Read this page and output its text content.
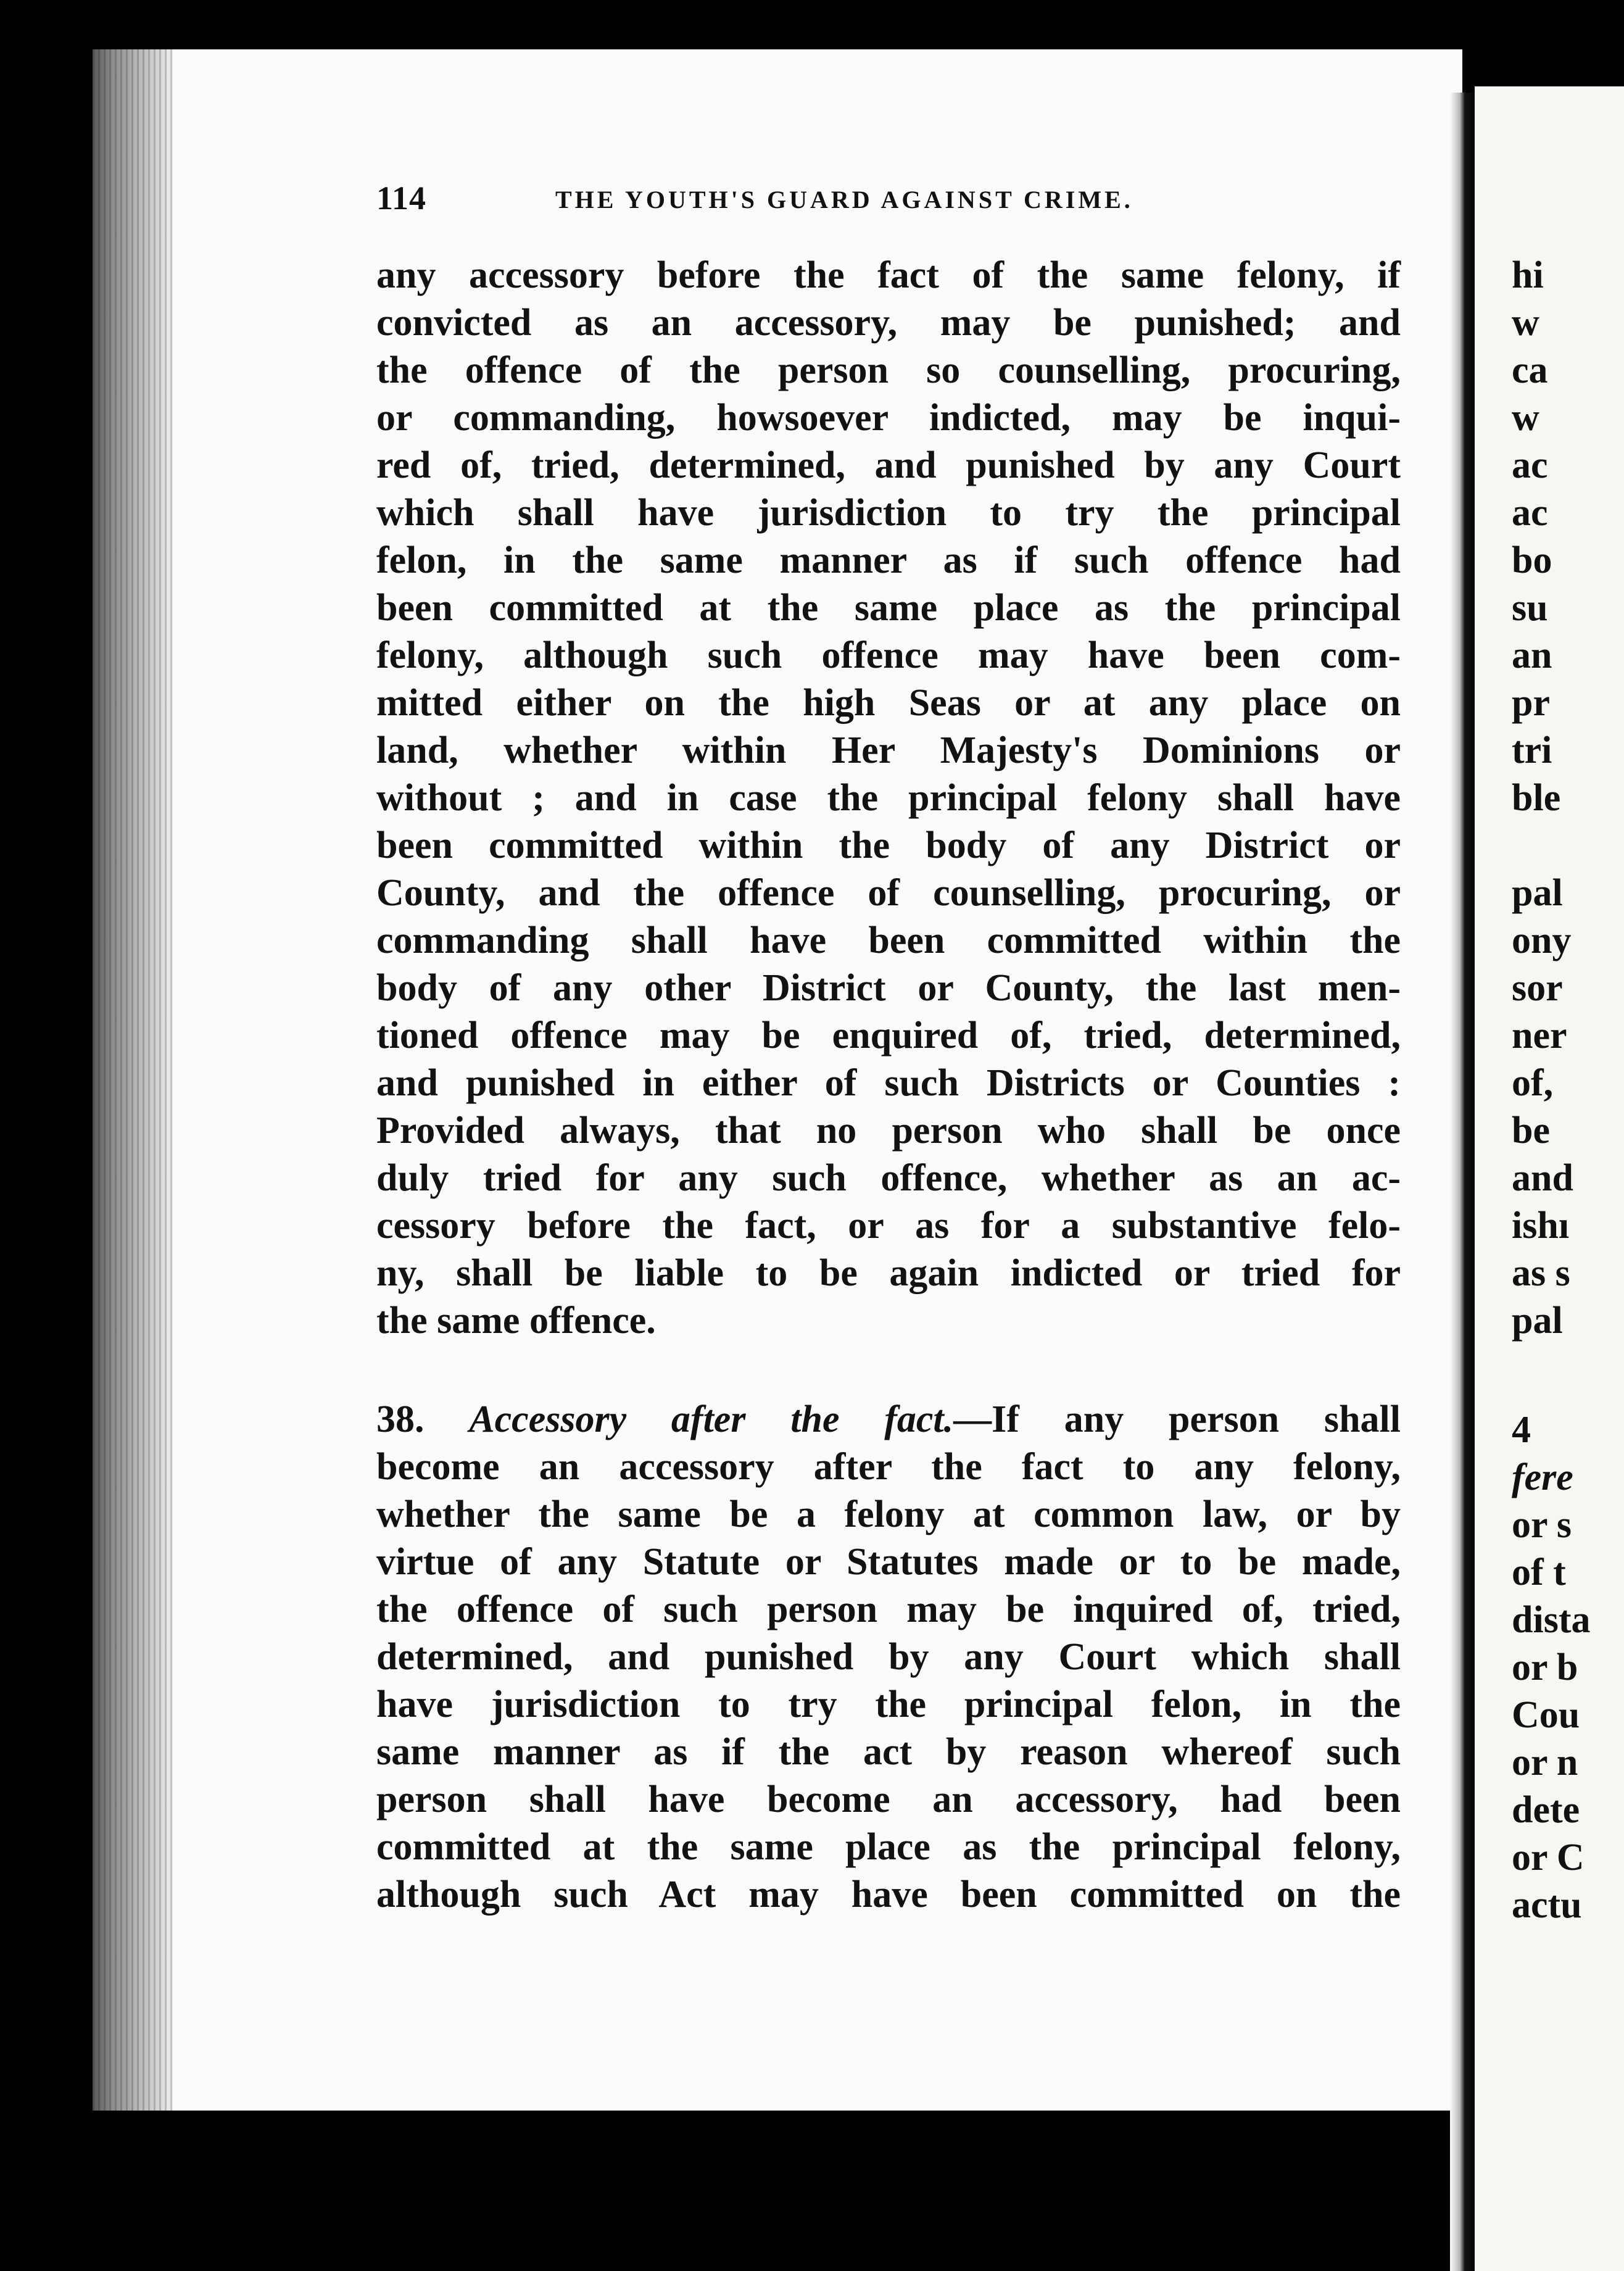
hi
w
ca
w
ac
ac
bo
su
an
pr
tri
ble
pal
ony
sor
ner
of,
be
and
ishı
as s
pal
4
fere
or s
of t
dista
or b
Cou
or n
dete
or C
actu
114	THE YOUTH'S GUARD AGAINST CRIME.
any accessory before the fact of the same felony, if
convicted as an accessory, may be punished; and
the offence of the person so counselling, procuring,
or commanding, howsoever indicted, may be inqui-
red of, tried, determined, and punished by any Court
which shall have jurisdiction to try the principal
felon, in the same manner as if such offence had
been committed at the same place as the principal
felony, although such offence may have been com-
mitted either on the high Seas or at any place on
land, whether within Her Majesty's Dominions or
without ; and in case the principal felony shall have
been committed within the body of any District or
County, and the offence of counselling, procuring, or
commanding shall have been committed within the
body of any other District or County, the last men-
tioned offence may be enquired of, tried, determined,
and punished in either of such Districts or Counties :
Provided always, that no person who shall be once
duly tried for any such offence, whether as an ac-
cessory before the fact, or as for a substantive felo-
ny, shall be liable to be again indicted or tried for
the same offence.
38. Accessory after the fact.—If any person shall
become an accessory after the fact to any felony,
whether the same be a felony at common law, or by
virtue of any Statute or Statutes made or to be made,
the offence of such person may be inquired of, tried,
determined, and punished by any Court which shall
have jurisdiction to try the principal felon, in the
same manner as if the act by reason whereof such
person shall have become an accessory, had been
committed at the same place as the principal felony,
although such Act may have been committed on the
